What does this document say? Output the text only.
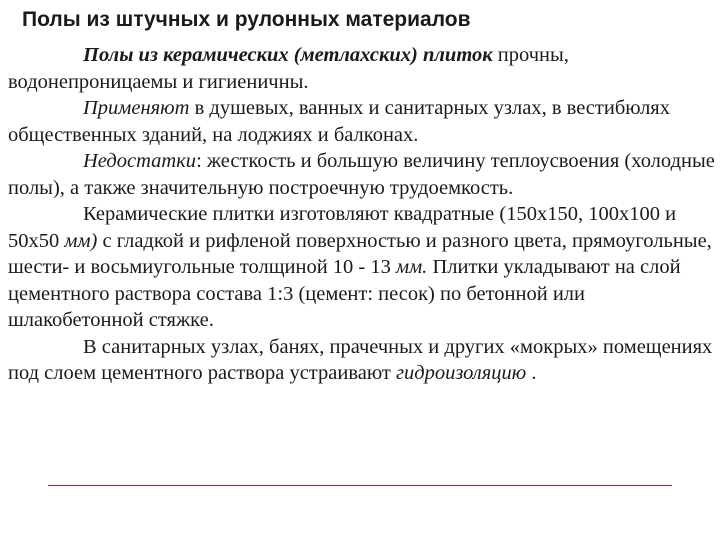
Полы из штучных и рулонных материалов

Полы из керамических (метлахских) плиток прочны, водонепроницаемы и гигиеничны.

Применяют в душевых, ванных и санитарных узлах, в вестибюлях общественных зданий, на лоджиях и балконах.

Недостатки: жесткость и большую величину теплоусвоения (холодные полы), а также значительную построечную трудоемкость.

Керамические плитки изготовляют квадратные (150х150, 100х100 и 50х50 мм) с гладкой и рифленой поверхностью и разного цвета, прямоугольные, шести- и восьмиугольные толщиной 10 - 13 мм. Плитки укладывают на слой цементного раствора состава 1:3 (цемент: песок) по бетонной или шлакобетонной стяжке.

В санитарных узлах, банях, прачечных и других «мокрых» помещениях под слоем цементного раствора устраивают гидроизоляцию .
